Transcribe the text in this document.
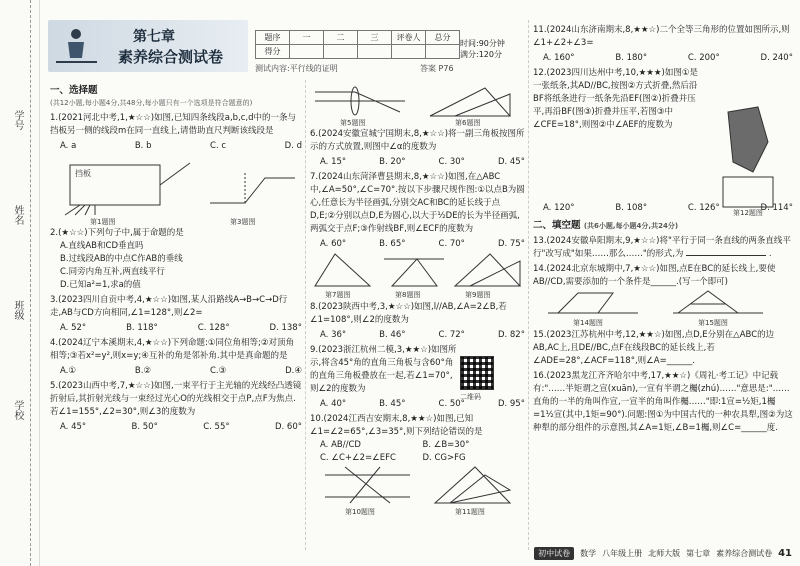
学号
姓名
班级
学校
第七章
素养综合测试卷
题序	一	二	三	评卷人	总分
得分					
时间:90分钟
满分:120分
测试内容:平行线的证明	答案 P76
一、选择题
(共12小题,每小题4分,共48分,每小题只有一个选项是符合题意的)
1.(2021河北中考,1,★☆☆)如图,已知四条线段a,b,c,d中的一条与挡板另一侧的线段m在同一直线上,请借助直尺判断该线段是
A. a	B. b	C. c	D. d
挡板
第1题图	第3题图
2.(★☆☆)下列句子中,属于命题的是
A.直线AB和CD垂直吗
B.过线段AB的中点C作AB的垂线
C.同旁内角互补,两直线平行
D.已知a²=1,求a的值
3.(2023四川自贡中考,4,★☆☆)如图,某人沿路线A→B→C→D行走,AB与CD方向相同,∠1=128°,则∠2=
A. 52°	B. 118°	C. 128°	D. 138°
4.(2024辽宁本溪期末,4,★☆☆)下列命题:①同位角相等;②对顶角相等;③若x²=y²,则x=y;④互补的角是邻补角.其中是真命题的是
A.①	B.②	C.③	D.④
5.(2023山西中考,7,★☆☆)如图,一束平行于主光轴的光线经凸透镜折射后,其折射光线与一束经过光心O的光线相交于点P,点F为焦点.若∠1=155°,∠2=30°,则∠3的度数为
A. 45°	B. 50°	C. 55°	D. 60°
第5题图	第6题图
6.(2024安徽宣城宁国期末,8,★☆☆)将一副三角板按图所示的方式放置,则图中∠α的度数为
A. 15°	B. 20°	C. 30°	D. 45°
7.(2024山东菏泽曹县期末,8,★☆☆)如图,在△ABC中,∠A=50°,∠C=70°.按以下步骤尺规作图:①以点B为圆心,任意长为半径画弧,分别交AC和BC的延长线于点D,E;②分别以点D,E为圆心,以大于½DE的长为半径画弧,两弧交于点F;③作射线BF,则∠ECF的度数为
A. 60°	B. 65°	C. 70°	D. 75°
第7题图	第8题图	第9题图
8.(2023陕西中考,3,★☆☆)如图,l//AB,∠A=2∠B,若∠1=108°,则∠2的度数为
A. 36°	B. 46°	C. 72°	D. 82°
9.(2023浙江杭州二模,3,★★☆)如图所示,将含45°角的直角三角板与含60°角的直角三角板叠放在一起,若∠1=70°,则∠2的度数为
A. 40°	B. 45°	C. 50°	D. 95°
10.(2024江西吉安期末,8,★★☆)如图,已知∠1=∠2=65°,∠3=35°,则下列结论错误的是
A. AB//CD	B. ∠B=30°
C. ∠C+∠2=∠EFC	D. CG>FG
第10题图	第11题图
二维码
11.(2024山东济南期末,8,★★☆)二个全等三角形的位置如图所示,则∠1+∠2+∠3=
A. 160°	B. 180°	C. 200°	D. 240°
12.(2023四川达州中考,10,★★★)如图①是一张纸条,其AD//BC,按图②方式折叠,然后沿BF将纸条进行一纸条先沿EF(图②)折叠并压平,再沿BF(图③)折叠并压平,若图③中∠CFE=18°,则图②中∠AEF的度数为
第12题图
A. 120°	B. 108°	C. 126°	D. 114°
二、填空题 (共6小题,每小题4分,共24分)
13.(2024安徽阜阳期末,9,★☆☆)将"平行于同一条直线的两条直线平行"改写成"如果……那么……"的形式,为	.
14.(2024北京东城期中,7,★☆☆)如图,点E在BC的延长线上,要使AB//CD,需要添加的一个条件是______.(写一个即可)
第14题图	第15题图
15.(2023江苏杭州中考,12,★★☆)如图,点D,E分别在△ABC的边AB,AC上,且DE//BC,点F在线段BC的延长线上,若∠ADE=28°,∠ACF=118°,则∠A=______.
16.(2023黑龙江齐齐哈尔中考,17,★★☆)《周礼·考工记》中记载有:"……半矩谓之宣(xuān),一宣有半谓之欘(zhú)……"意思是:"……直角的一半的角叫作宣,一宣半的角叫作欘……"即:1宣=½矩,1欘=1½宣(其中,1矩=90°).问题:图①为中国古代的一种农具犁,图②为这种犁的部分组件的示意图,其∠A=1矩,∠B=1欘,则∠C=______度.
初中试卷	数学 八年级上册 北师大版 第七章 素养综合测试卷 41
